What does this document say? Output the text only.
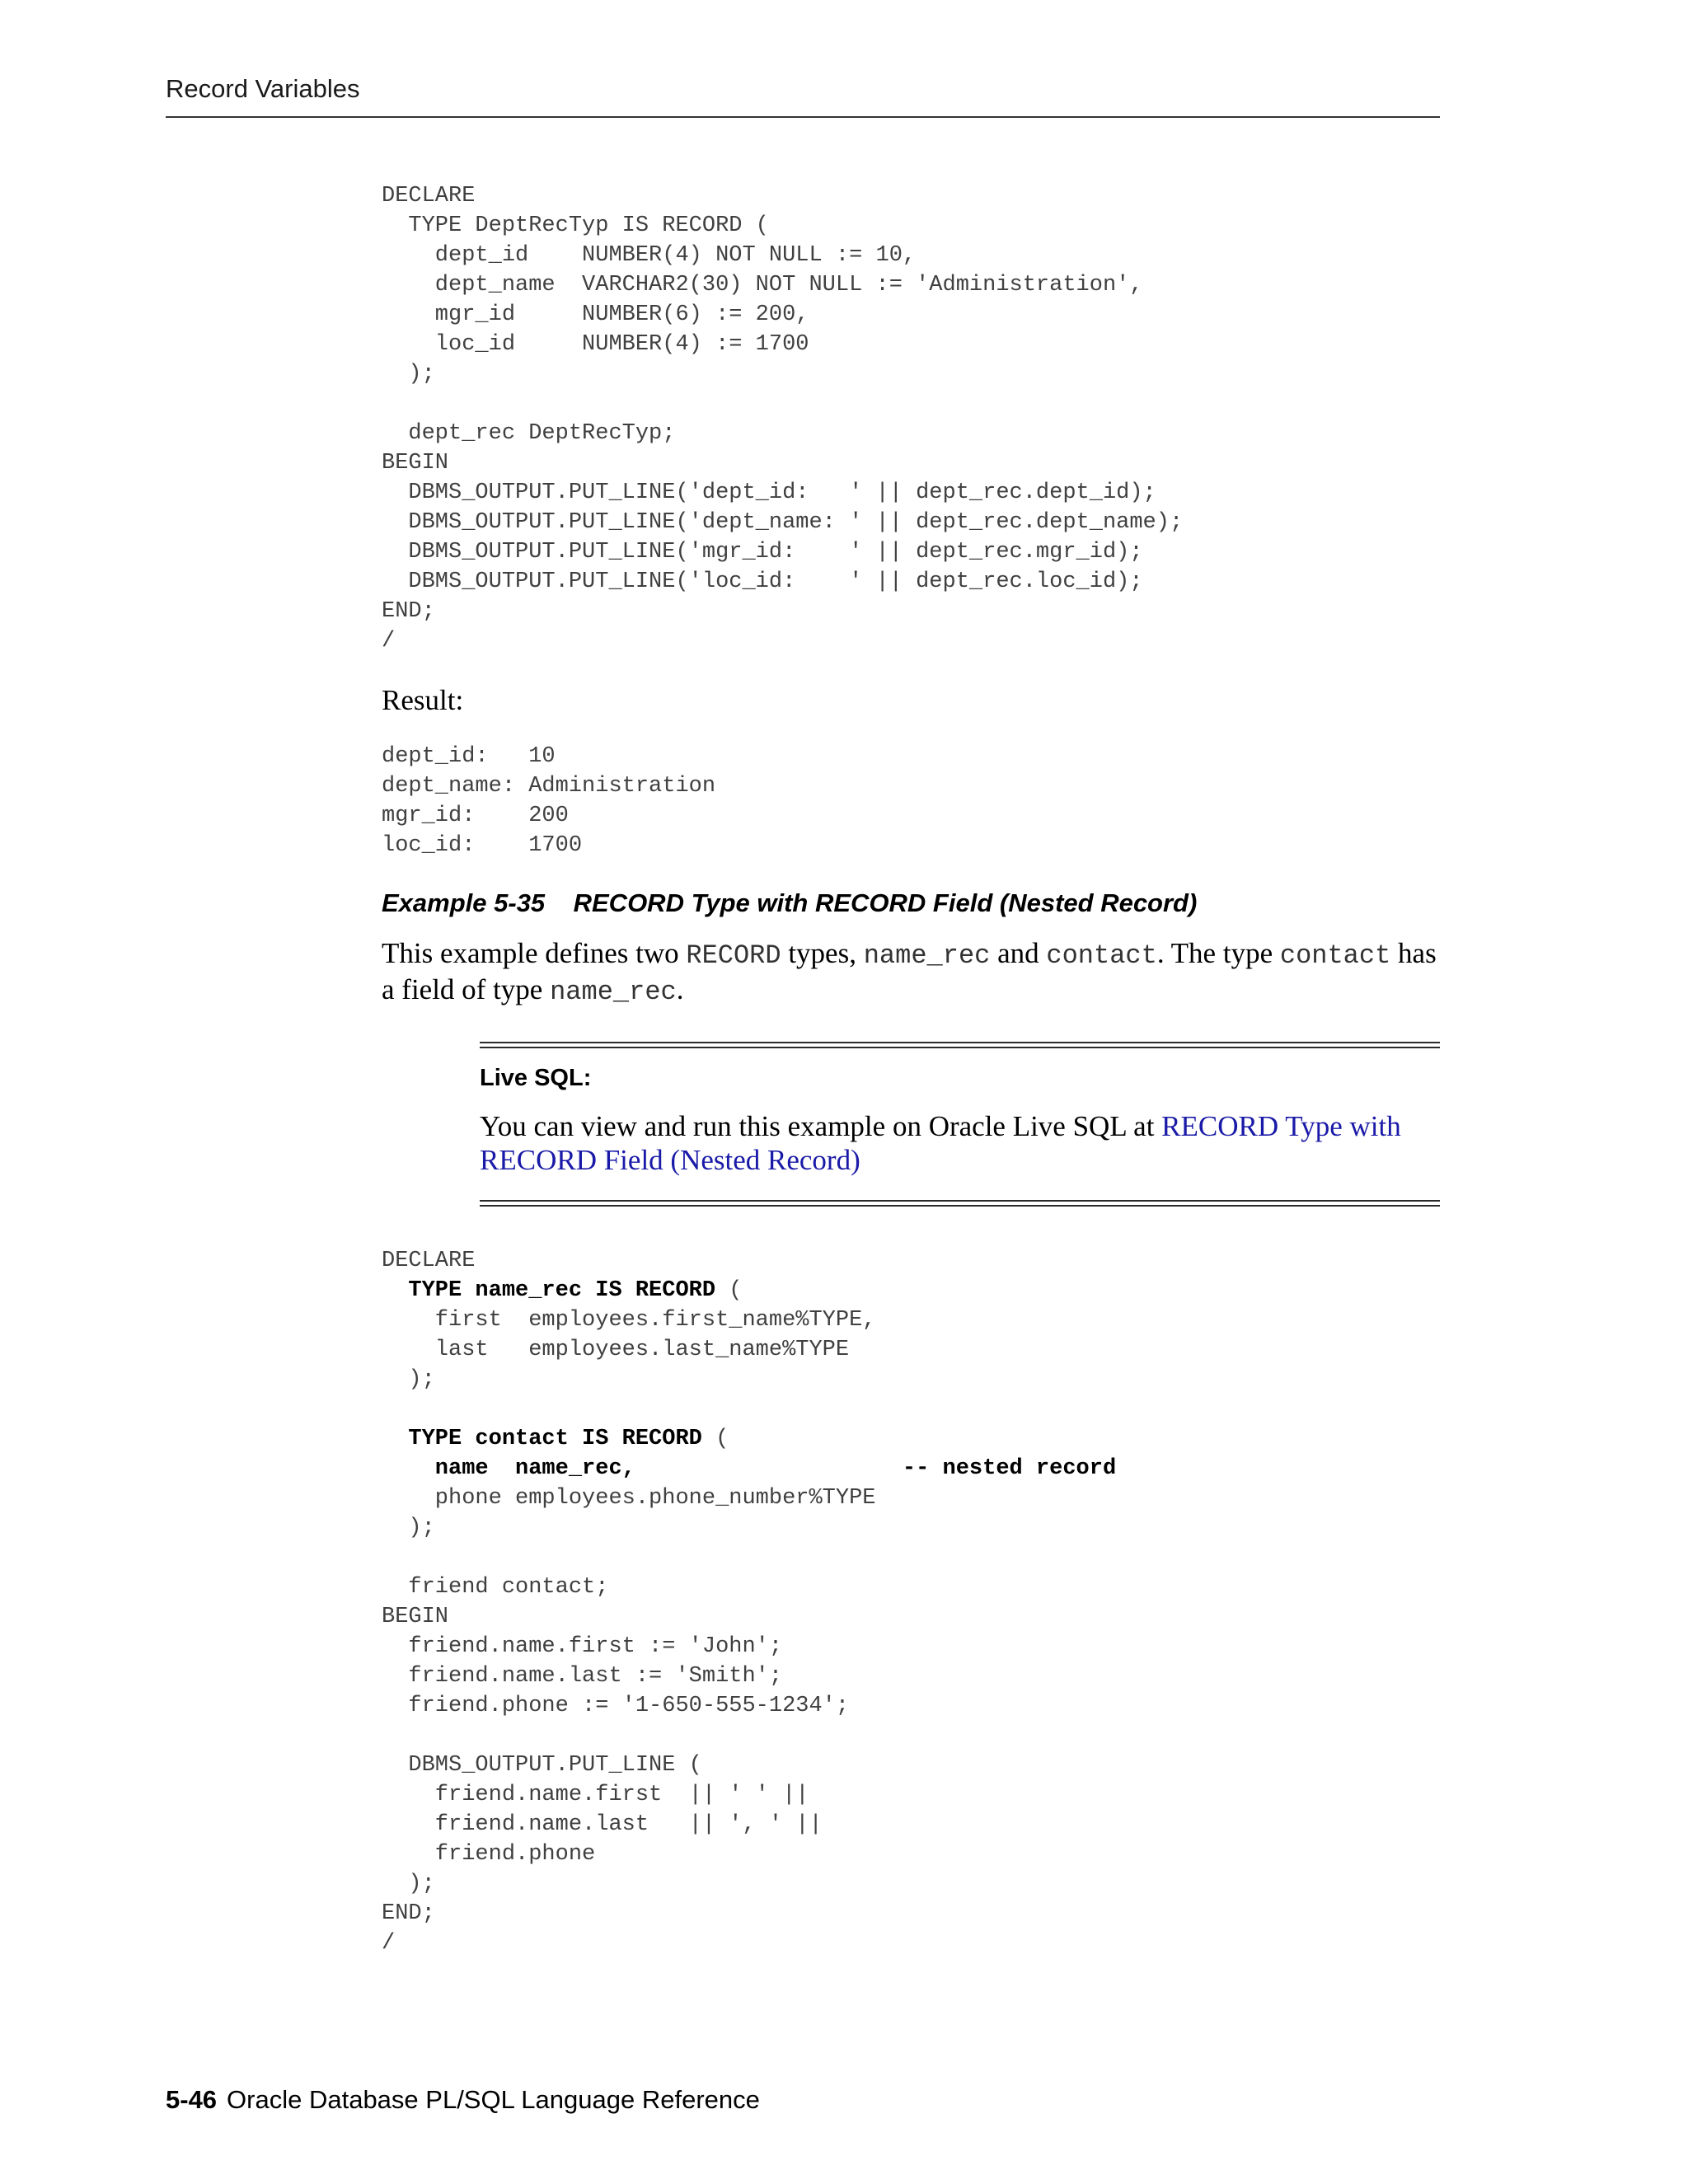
Record Variables
DECLARE
TYPE DeptRecTyp IS RECORD (
dept_id    NUMBER(4) NOT NULL := 10,
dept_name  VARCHAR2(30) NOT NULL := 'Administration',
mgr_id     NUMBER(6) := 200,
loc_id     NUMBER(4) := 1700
);

dept_rec DeptRecTyp;
BEGIN
DBMS_OUTPUT.PUT_LINE('dept_id:   ' || dept_rec.dept_id);
DBMS_OUTPUT.PUT_LINE('dept_name: ' || dept_rec.dept_name);
DBMS_OUTPUT.PUT_LINE('mgr_id:    ' || dept_rec.mgr_id);
DBMS_OUTPUT.PUT_LINE('loc_id:    ' || dept_rec.loc_id);
END;
/
Result:
dept_id:   10
dept_name: Administration
mgr_id:    200
loc_id:    1700
Example 5-35    RECORD Type with RECORD Field (Nested Record)
This example defines two RECORD types, name_rec and contact. The type contact has a field of type name_rec.
Live SQL:
You can view and run this example on Oracle Live SQL at RECORD Type with RECORD Field (Nested Record)
DECLARE
TYPE name_rec IS RECORD (
first  employees.first_name%TYPE,
last   employees.last_name%TYPE
);

TYPE contact IS RECORD (
name  name_rec,                    -- nested record
phone employees.phone_number%TYPE
);

friend contact;
BEGIN
friend.name.first := 'John';
friend.name.last := 'Smith';
friend.phone := '1-650-555-1234';

DBMS_OUTPUT.PUT_LINE (
friend.name.first  || ' ' ||
friend.name.last   || ', ' ||
friend.phone
);
END;
/
5-46 Oracle Database PL/SQL Language Reference
